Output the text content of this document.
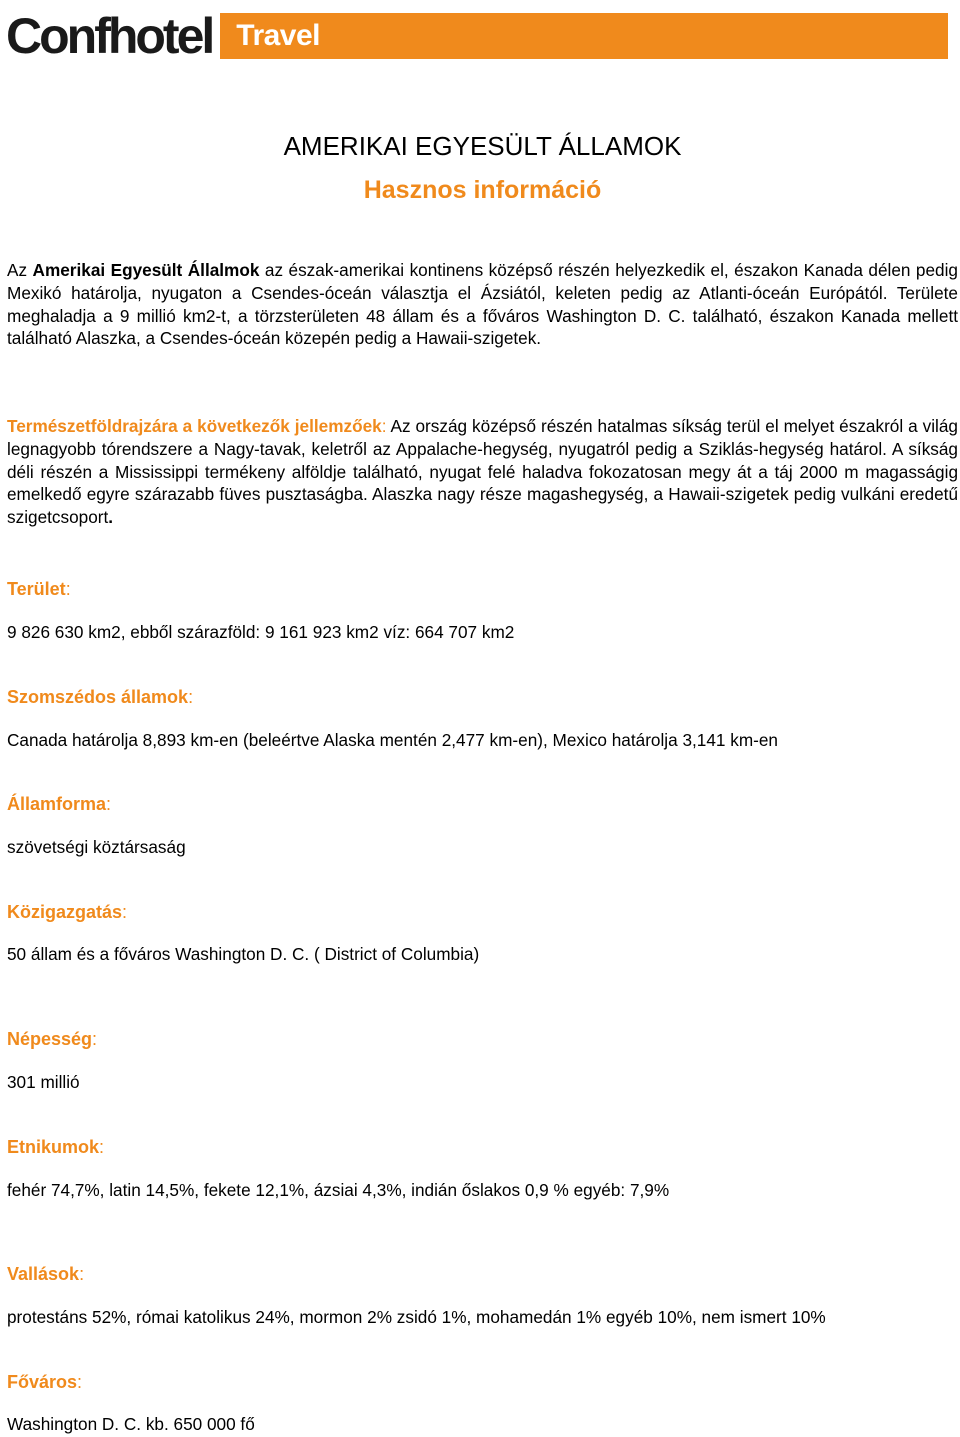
Confhotel Travel
AMERIKAI EGYESÜLT ÁLLAMOK
Hasznos információ

Az Amerikai Egyesült Állalmok az észak-amerikai kontinens középső részén helyezkedik el, északon Kanada délen pedig Mexikó határolja, nyugaton a Csendes-óceán választja el Ázsiától, keleten pedig az Atlanti-óceán Európától. Területe meghaladja a 9 millió km2-t, a törzsterületen 48 állam és a főváros Washington D. C. található, északon Kanada mellett található Alaszka, a Csendes-óceán közepén pedig a Hawaii-szigetek.

Természetföldrajzára a következők jellemzőek: Az ország középső részén hatalmas síkság terül el melyet északról a világ legnagyobb tórendszere a Nagy-tavak, keletről az Appalache-hegység, nyugatról pedig a Sziklás-hegység határol. A síkság déli részén a Mississippi termékeny alföldje található, nyugat felé haladva fokozatosan megy át a táj 2000 m magasságig emelkedő egyre szárazabb füves pusztaságba. Alaszka nagy része magashegység, a Hawaii-szigetek pedig vulkáni eredetű szigetcsoport.

Terület:
9 826 630 km2, ebből szárazföld: 9 161 923 km2 víz: 664 707 km2
Szomszédos államok:
Canada határolja 8,893 km-en (beleértve Alaska mentén 2,477 km-en), Mexico határolja 3,141 km-en
Államforma:
szövetségi köztársaság
Közigazgatás:
50 állam és a főváros Washington D. C. ( District of Columbia)
Népesség:
301 millió
Etnikumok:
fehér 74,7%, latin 14,5%, fekete 12,1%, ázsiai 4,3%, indián őslakos 0,9 % egyéb: 7,9%
Vallások:
protestáns 52%, római katolikus 24%, mormon 2% zsidó 1%, mohamedán 1% egyéb 10%, nem ismert 10%
Főváros:
Washington D. C. kb. 650 000 fő
